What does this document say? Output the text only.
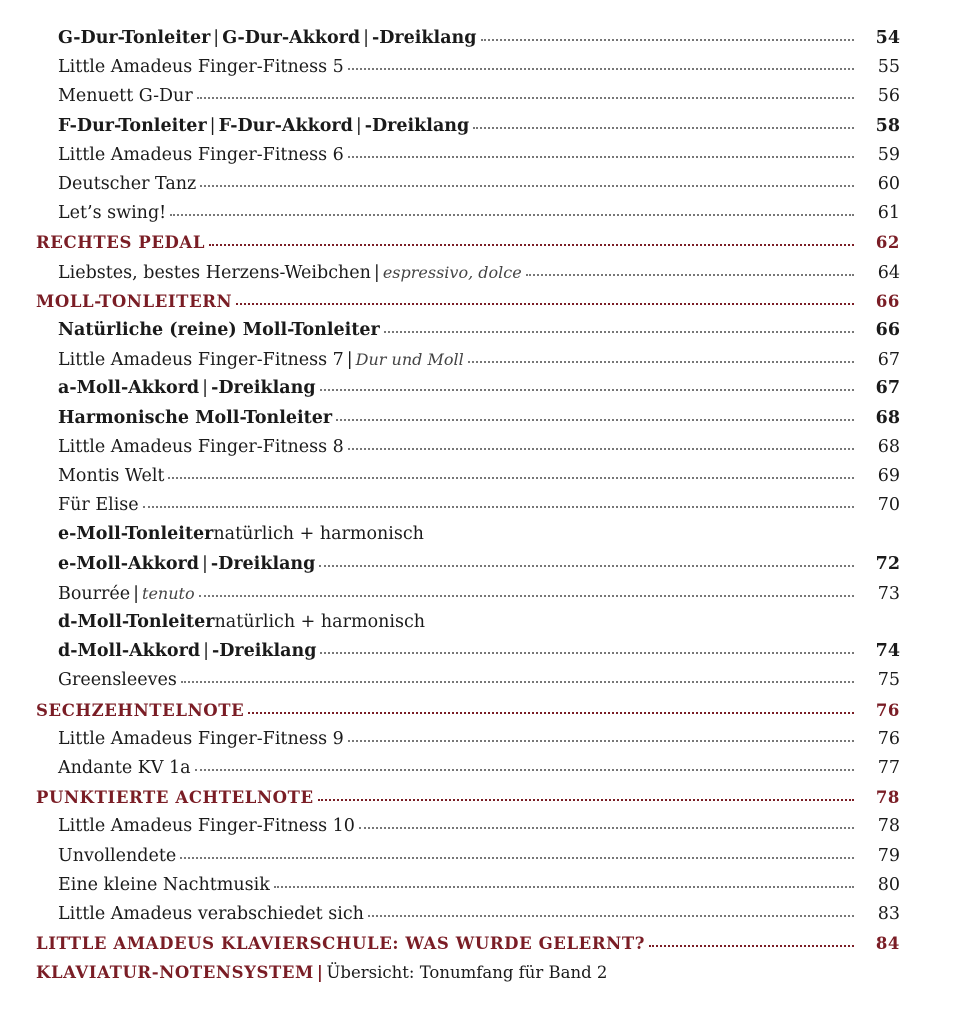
G-Dur-Tonleiter | G-Dur-Akkord | -Dreiklang	54
Little Amadeus Finger-Fitness 5	55
Menuett G-Dur	56
F-Dur-Tonleiter | F-Dur-Akkord | -Dreiklang	58
Little Amadeus Finger-Fitness 6	59
Deutscher Tanz	60
Let’s swing!	61
RECHTES PEDAL	62
Liebstes, bestes Herzens-Weibchen | espressivo, dolce	64
MOLL-TONLEITERN	66
Natürliche (reine) Moll-Tonleiter	66
Little Amadeus Finger-Fitness 7 | Dur und Moll	67
a-Moll-Akkord | -Dreiklang	67
Harmonische Moll-Tonleiter	68
Little Amadeus Finger-Fitness 8	68
Montis Welt	69
Für Elise	70
e-Moll-Tonleiter natürlich + harmonisch
e-Moll-Akkord | -Dreiklang	72
Bourrée | tenuto	73
d-Moll-Tonleiter natürlich + harmonisch
d-Moll-Akkord | -Dreiklang	74
Greensleeves	75
SECHZEHNTELNOTE	76
Little Amadeus Finger-Fitness 9	76
Andante KV 1a	77
PUNKTIERTE ACHTELNOTE	78
Little Amadeus Finger-Fitness 10	78
Unvollendete	79
Eine kleine Nachtmusik	80
Little Amadeus verabschiedet sich	83
LITTLE AMADEUS KLAVIERSCHULE: WAS WURDE GELERNT?	84
KLAVIATUR-NOTENSYSTEM | Übersicht: Tonumfang für Band 2
